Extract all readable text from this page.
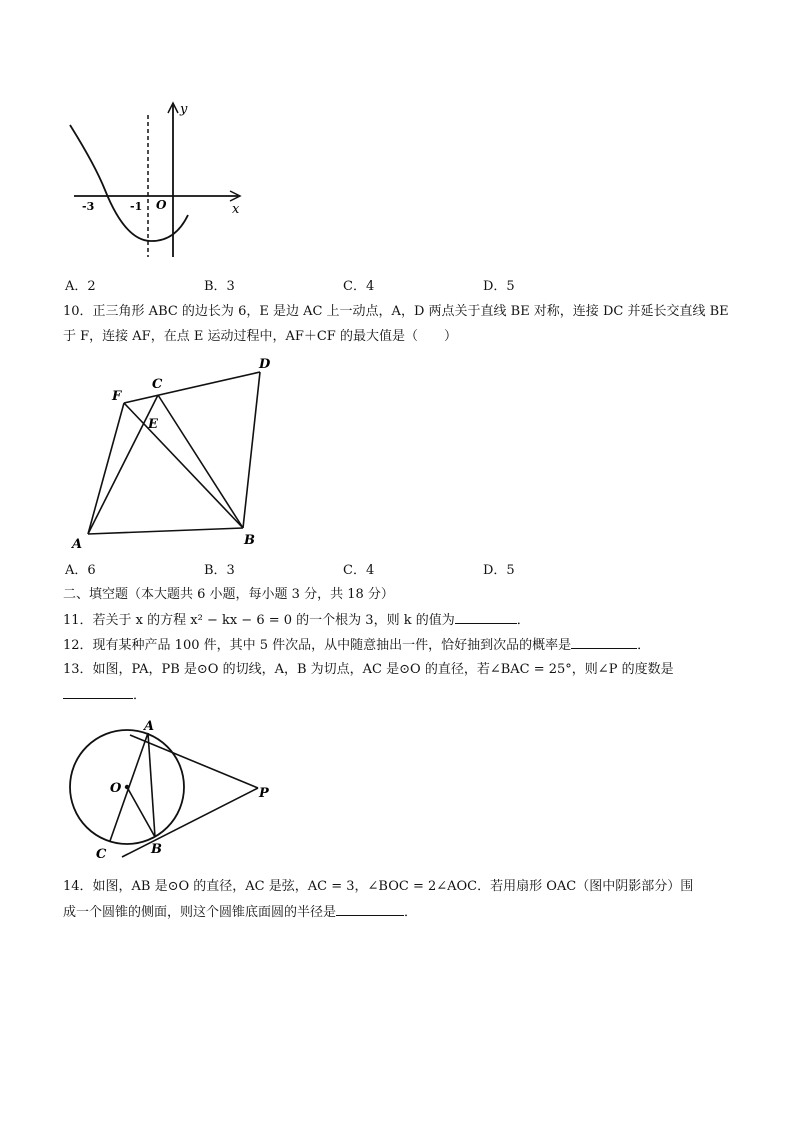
y
x
-3	-1 O
A．2	B．3	C．4	D．5
10．正三角形 ABC 的边长为 6，E 是边 AC 上一动点，A，D 两点关于直线 BE 对称，连接 DC 并延长交直线 BE
于 F，连接 AF，在点 E 运动过程中，AF＋CF 的最大值是（　　）
F
C
D
E
A	B
A．6	B．3	C．4	D．5
二、填空题（本大题共 6 小题，每小题 3 分，共 18 分）
11．若关于 x 的方程 x² − kx − 6 = 0 的一个根为 3，则 k 的值为	．
12．现有某种产品 100 件，其中 5 件次品，从中随意抽出一件，恰好抽到次品的概率是	．
13．如图，PA，PB 是⊙O 的切线，A，B 为切点，AC 是⊙O 的直径，若∠BAC = 25°，则∠P 的度数是
．
A
O	P
C	B
14．如图，AB 是⊙O 的直径，AC 是弦，AC = 3，∠BOC = 2∠AOC．若用扇形 OAC（图中阴影部分）围
成一个圆锥的侧面，则这个圆锥底面圆的半径是	．
